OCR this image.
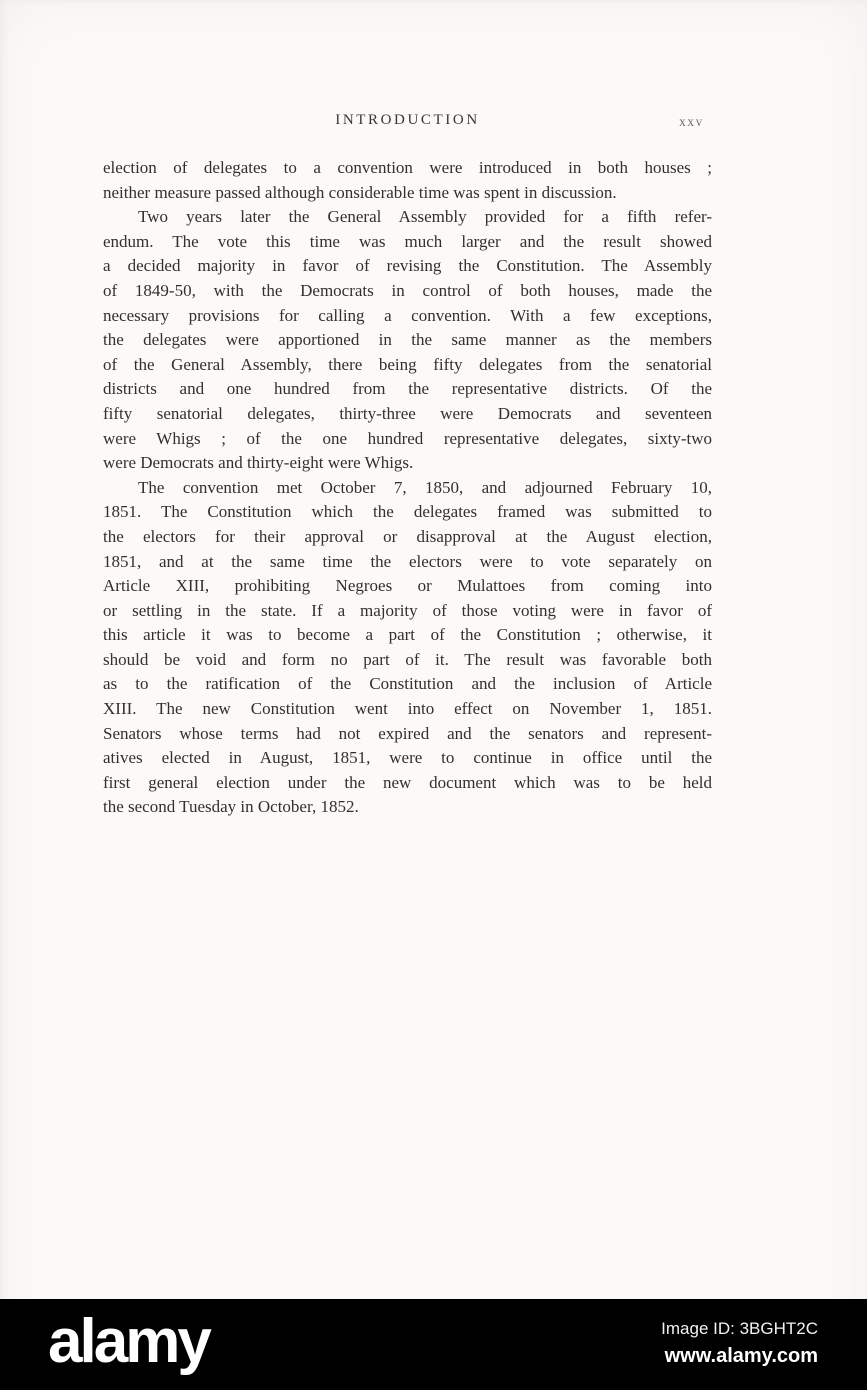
INTRODUCTION	xxv
election of delegates to a convention were introduced in both houses ;
neither measure passed although considerable time was spent in discussion.
Two years later the General Assembly provided for a fifth refer-
endum. The vote this time was much larger and the result showed
a decided majority in favor of revising the Constitution. The Assembly
of 1849-50, with the Democrats in control of both houses, made the
necessary provisions for calling a convention. With a few exceptions,
the delegates were apportioned in the same manner as the members
of the General Assembly, there being fifty delegates from the senatorial
districts and one hundred from the representative districts. Of the
fifty senatorial delegates, thirty-three were Democrats and seventeen
were Whigs ; of the one hundred representative delegates, sixty-two
were Democrats and thirty-eight were Whigs.
The convention met October 7, 1850, and adjourned February 10,
1851. The Constitution which the delegates framed was submitted to
the electors for their approval or disapproval at the August election,
1851, and at the same time the electors were to vote separately on
Article XIII, prohibiting Negroes or Mulattoes from coming into
or settling in the state. If a majority of those voting were in favor of
this article it was to become a part of the Constitution ; otherwise, it
should be void and form no part of it. The result was favorable both
as to the ratification of the Constitution and the inclusion of Article
XIII. The new Constitution went into effect on November 1, 1851.
Senators whose terms had not expired and the senators and represent-
atives elected in August, 1851, were to continue in office until the
first general election under the new document which was to be held
the second Tuesday in October, 1852.
alamy	Image ID: 3BGHT2C
www.alamy.com
